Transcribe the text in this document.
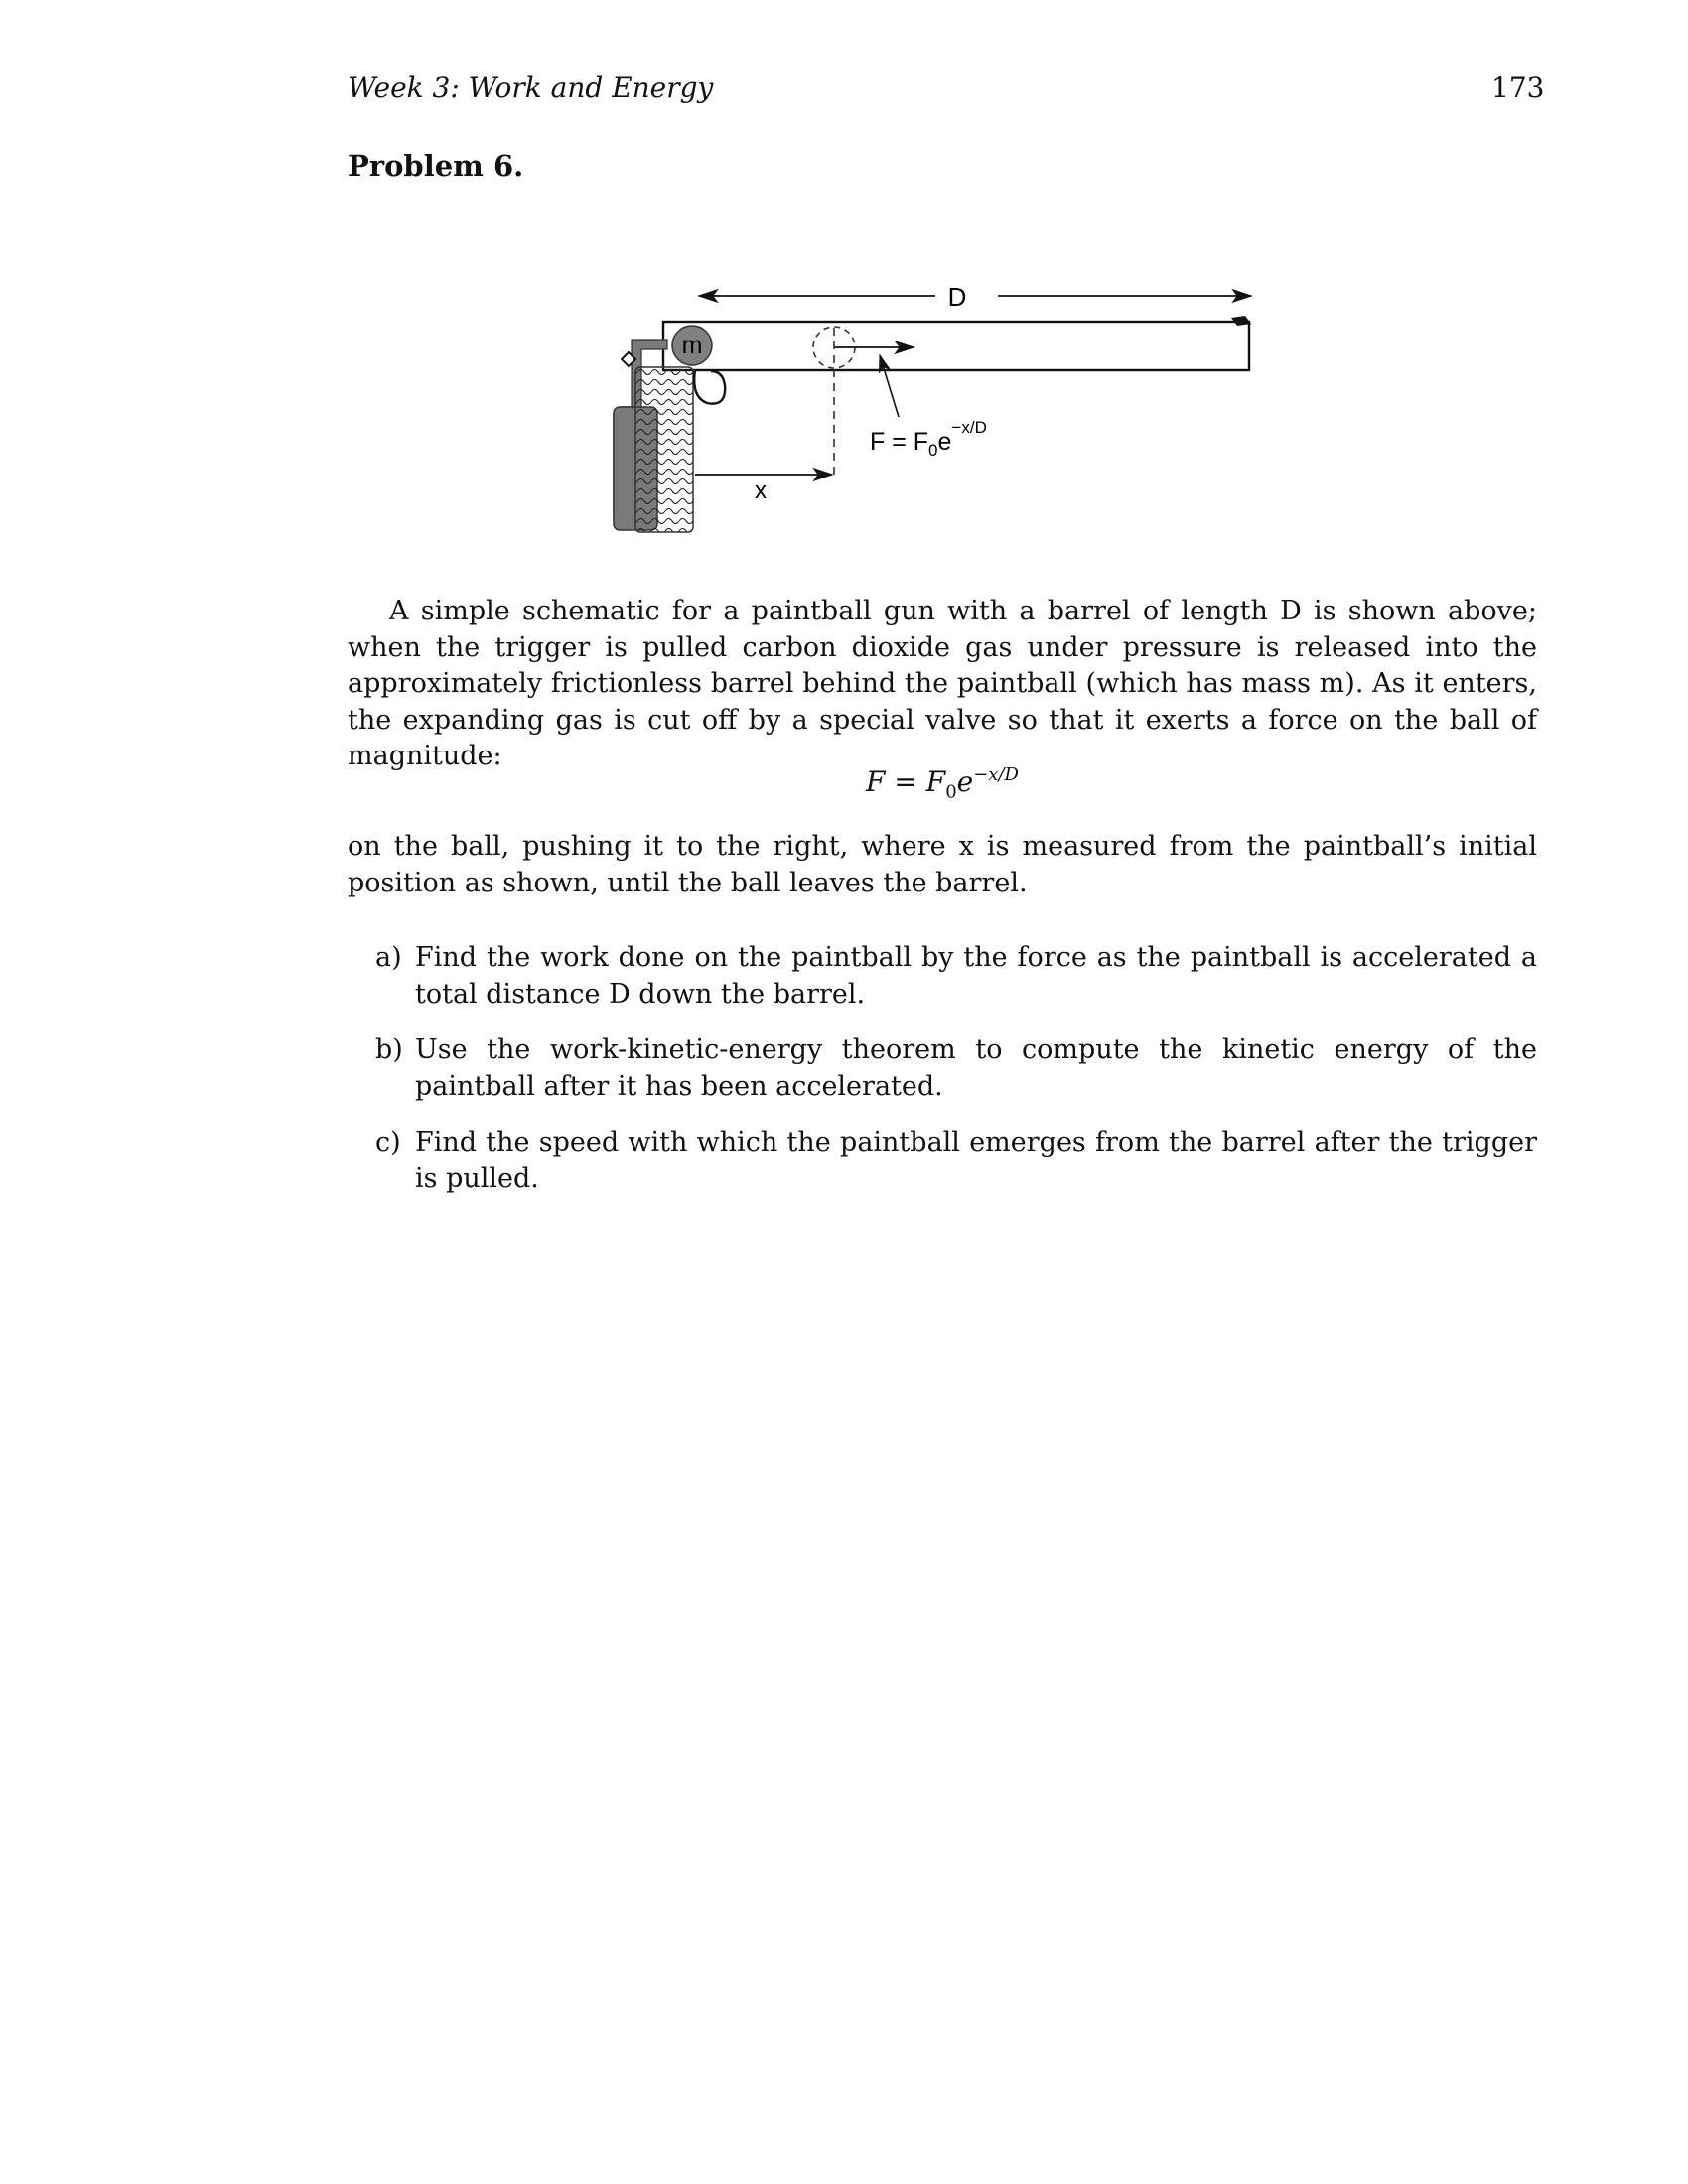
Week 3: Work and Energy	173
Problem 6.
D
m
x
$F = F_0e^{-x/D}$
A simple schematic for a paintball gun with a barrel of length D is shown above; when the trigger is pulled carbon dioxide gas under pressure is released into the approximately frictionless barrel behind the paintball (which has mass m). As it enters, the expanding gas is cut off by a special valve so that it exerts a force on the ball of magnitude:
$F = F_0e^{-x/D}$
on the ball, pushing it to the right, where x is measured from the paintball’s initial position as shown, until the ball leaves the barrel.
a) Find the work done on the paintball by the force as the paintball is accelerated a total distance D down the barrel.
b) Use the work-kinetic-energy theorem to compute the kinetic energy of the paintball after it has been accelerated.
c) Find the speed with which the paintball emerges from the barrel after the trigger is pulled.
